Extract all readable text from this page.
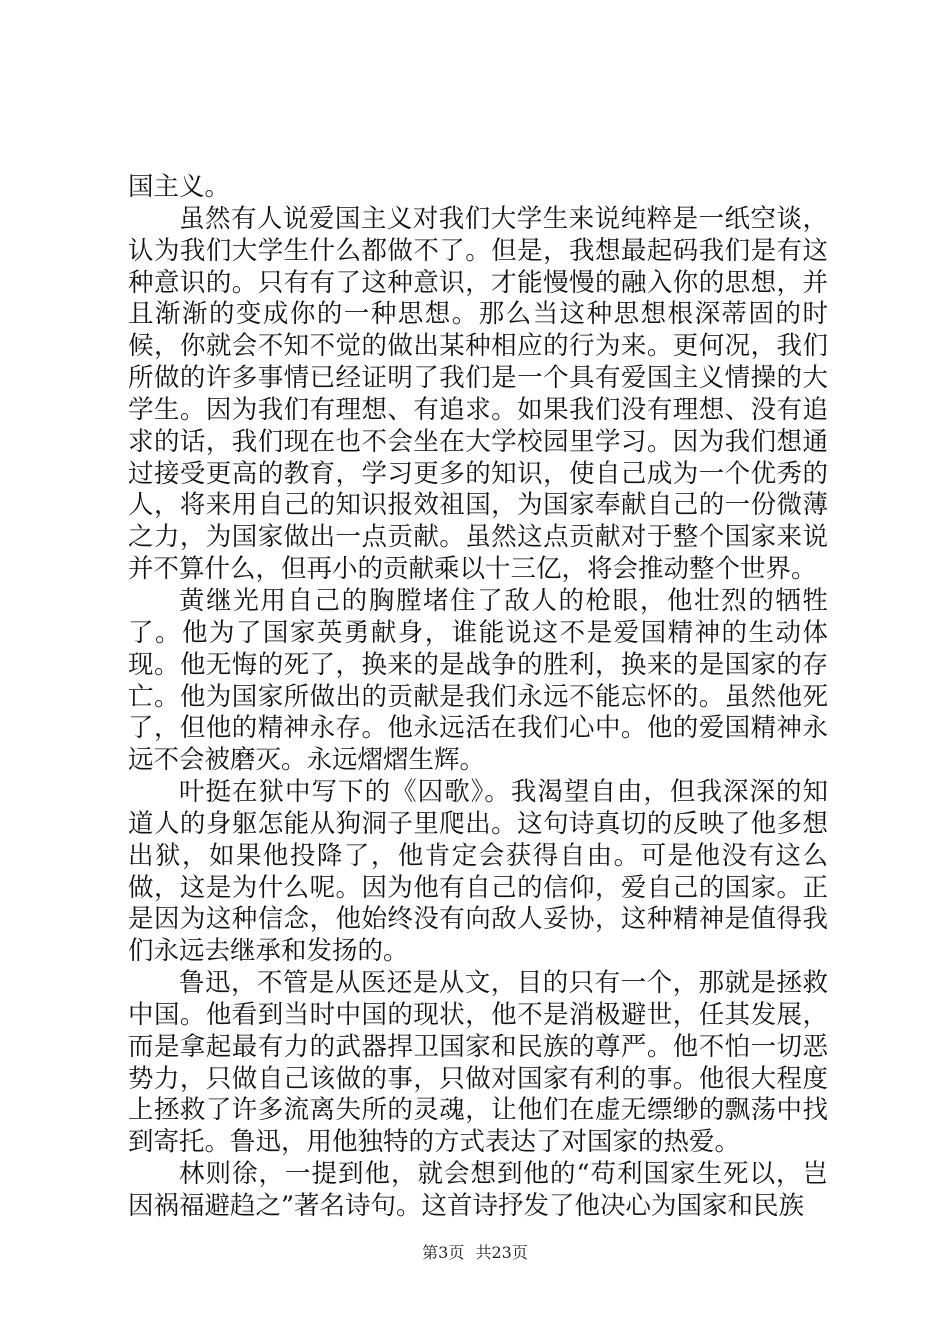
国主义。

虽然有人说爱国主义对我们大学生来说纯粹是一纸空谈，认为我们大学生什么都做不了。但是，我想最起码我们是有这种意识的。只有有了这种意识，才能慢慢的融入你的思想，并且渐渐的变成你的一种思想。那么当这种思想根深蒂固的时候，你就会不知不觉的做出某种相应的行为来。更何况，我们所做的许多事情已经证明了我们是一个具有爱国主义情操的大学生。因为我们有理想、有追求。如果我们没有理想、没有追求的话，我们现在也不会坐在大学校园里学习。因为我们想通过接受更高的教育，学习更多的知识，使自己成为一个优秀的人，将来用自己的知识报效祖国，为国家奉献自己的一份微薄之力，为国家做出一点贡献。虽然这点贡献对于整个国家来说并不算什么，但再小的贡献乘以十三亿，将会推动整个世界。

黄继光用自己的胸膛堵住了敌人的枪眼，他壮烈的牺牲了。他为了国家英勇献身，谁能说这不是爱国精神的生动体现。他无悔的死了，换来的是战争的胜利，换来的是国家的存亡。他为国家所做出的贡献是我们永远不能忘怀的。虽然他死了，但他的精神永存。他永远活在我们心中。他的爱国精神永远不会被磨灭。永远熠熠生辉。

叶挺在狱中写下的《囚歌》。我渴望自由，但我深深的知道人的身躯怎能从狗洞子里爬出。这句诗真切的反映了他多想出狱，如果他投降了，他肯定会获得自由。可是他没有这么做，这是为什么呢。因为他有自己的信仰，爱自己的国家。正是因为这种信念，他始终没有向敌人妥协，这种精神是值得我们永远去继承和发扬的。

鲁迅，不管是从医还是从文，目的只有一个，那就是拯救中国。他看到当时中国的现状，他不是消极避世，任其发展，而是拿起最有力的武器捍卫国家和民族的尊严。他不怕一切恶势力，只做自己该做的事，只做对国家有利的事。他很大程度上拯救了许多流离失所的灵魂，让他们在虚无缥缈的飘荡中找到寄托。鲁迅，用他独特的方式表达了对国家的热爱。

林则徐，一提到他，就会想到他的“苟利国家生死以，岂因祸福避趋之”著名诗句。这首诗抒发了他决心为国家和民族

第3页 共23页
